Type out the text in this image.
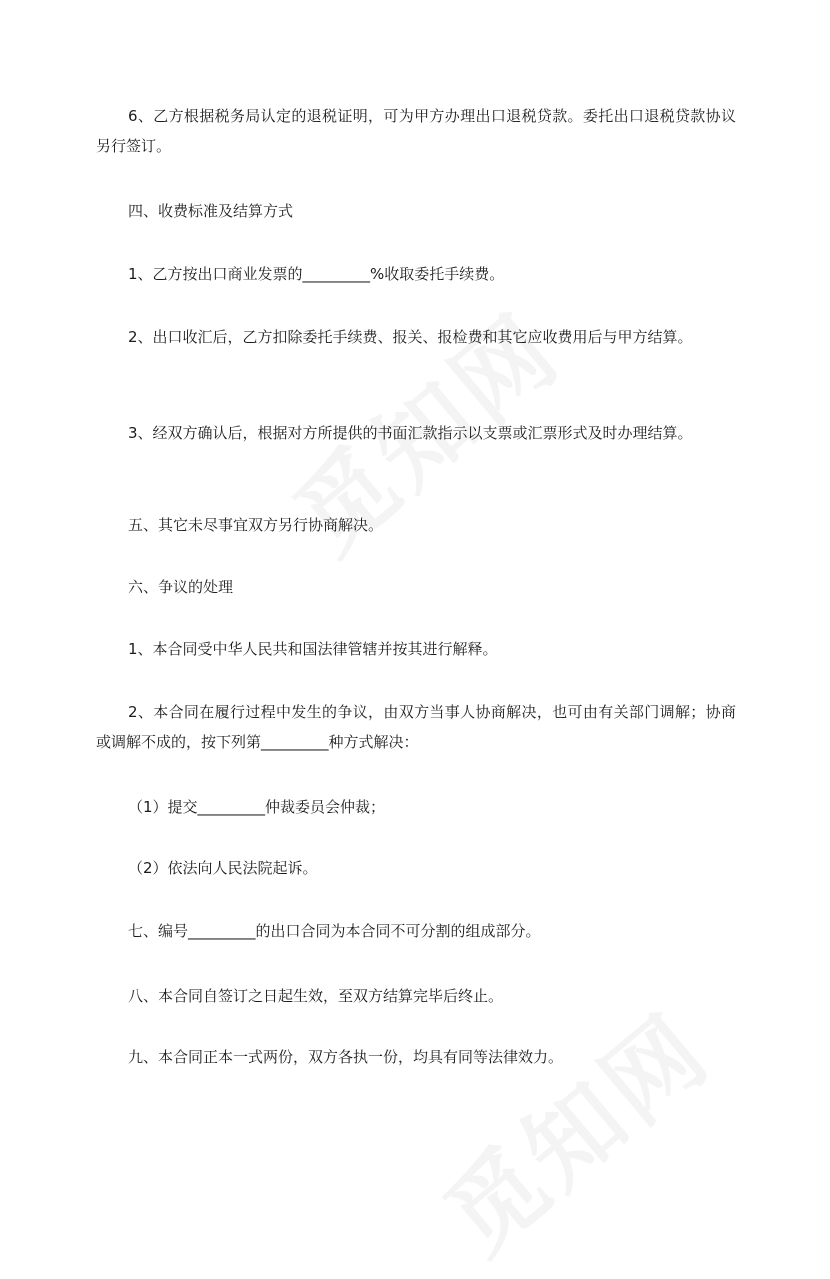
6、乙方根据税务局认定的退税证明，可为甲方办理出口退税贷款。委托出口退税贷款协议另行签订。

四、收费标准及结算方式

1、乙方按出口商业发票的_________%收取委托手续费。

2、出口收汇后，乙方扣除委托手续费、报关、报检费和其它应收费用后与甲方结算。

3、经双方确认后，根据对方所提供的书面汇款指示以支票或汇票形式及时办理结算。

五、其它未尽事宜双方另行协商解决。

六、争议的处理

1、本合同受中华人民共和国法律管辖并按其进行解释。

2、本合同在履行过程中发生的争议，由双方当事人协商解决，也可由有关部门调解；协商或调解不成的，按下列第_________种方式解决：

（1）提交_________仲裁委员会仲裁；

（2）依法向人民法院起诉。

七、编号_________的出口合同为本合同不可分割的组成部分。

八、本合同自签订之日起生效，至双方结算完毕后终止。

九、本合同正本一式两份，双方各执一份，均具有同等法律效力。
